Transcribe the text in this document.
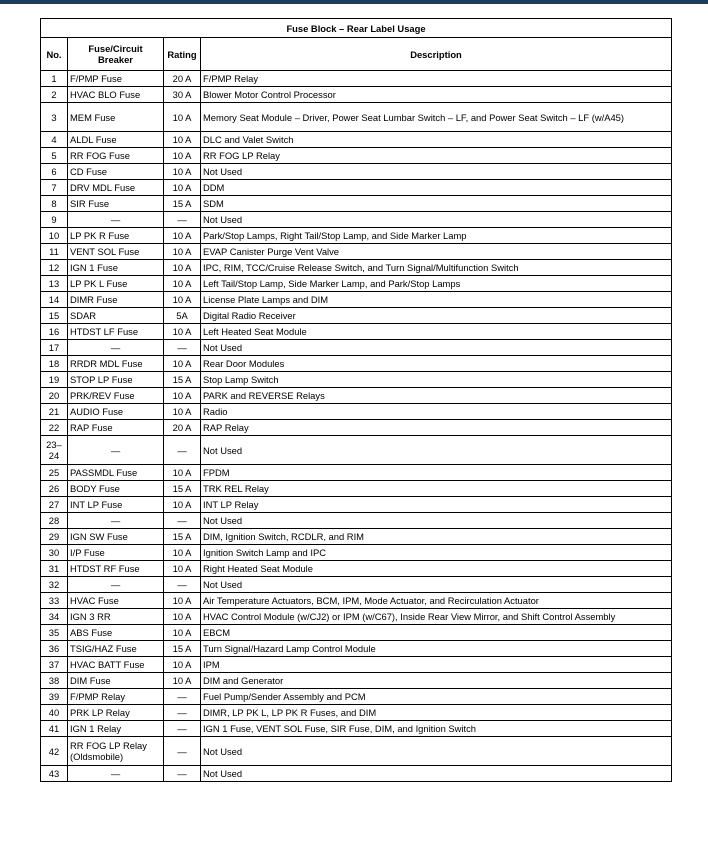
Fuse Block – Rear Label Usage			
No.	Fuse/Circuit Breaker	Rating	Description
1	F/PMP Fuse	20 A	F/PMP Relay
2	HVAC BLO Fuse	30 A	Blower Motor Control Processor
3	MEM Fuse	10 A	Memory Seat Module – Driver, Power Seat Lumbar Switch – LF, and Power Seat Switch – LF (w/A45)
4	ALDL Fuse	10 A	DLC and Valet Switch
5	RR FOG Fuse	10 A	RR FOG LP Relay
6	CD Fuse	10 A	Not Used
7	DRV MDL Fuse	10 A	DDM
8	SIR Fuse	15 A	SDM
9	—	—	Not Used
10	LP PK R Fuse	10 A	Park/Stop Lamps, Right Tail/Stop Lamp, and Side Marker Lamp
11	VENT SOL Fuse	10 A	EVAP Canister Purge Vent Valve
12	IGN 1 Fuse	10 A	IPC, RIM, TCC/Cruise Release Switch, and Turn Signal/Multifunction Switch
13	LP PK L Fuse	10 A	Left Tail/Stop Lamp, Side Marker Lamp, and Park/Stop Lamps
14	DIMR Fuse	10 A	License Plate Lamps and DIM
15	SDAR	5A	Digital Radio Receiver
16	HTDST LF Fuse	10 A	Left Heated Seat Module
17	—	—	Not Used
18	RRDR MDL Fuse	10 A	Rear Door Modules
19	STOP LP Fuse	15 A	Stop Lamp Switch
20	PRK/REV Fuse	10 A	PARK and REVERSE Relays
21	AUDIO Fuse	10 A	Radio
22	RAP Fuse	20 A	RAP Relay
23–24	—	—	Not Used
25	PASSMDL Fuse	10 A	FPDM
26	BODY Fuse	15 A	TRK REL Relay
27	INT LP Fuse	10 A	INT LP Relay
28	—	—	Not Used
29	IGN SW Fuse	15 A	DIM, Ignition Switch, RCDLR, and RIM
30	I/P Fuse	10 A	Ignition Switch Lamp and IPC
31	HTDST RF Fuse	10 A	Right Heated Seat Module
32	—	—	Not Used
33	HVAC Fuse	10 A	Air Temperature Actuators, BCM, IPM, Mode Actuator, and Recirculation Actuator
34	IGN 3 RR	10 A	HVAC Control Module (w/CJ2) or IPM (w/C67), Inside Rear View Mirror, and Shift Control Assembly
35	ABS Fuse	10 A	EBCM
36	TSIG/HAZ Fuse	15 A	Turn Signal/Hazard Lamp Control Module
37	HVAC BATT Fuse	10 A	IPM
38	DIM Fuse	10 A	DIM and Generator
39	F/PMP Relay	—	Fuel Pump/Sender Assembly and PCM
40	PRK LP Relay	—	DIMR, LP PK L, LP PK R Fuses, and DIM
41	IGN 1 Relay	—	IGN 1 Fuse, VENT SOL Fuse, SIR Fuse, DIM, and Ignition Switch
42	RR FOG LP Relay (Oldsmobile)	—	Not Used
43	—	—	Not Used
